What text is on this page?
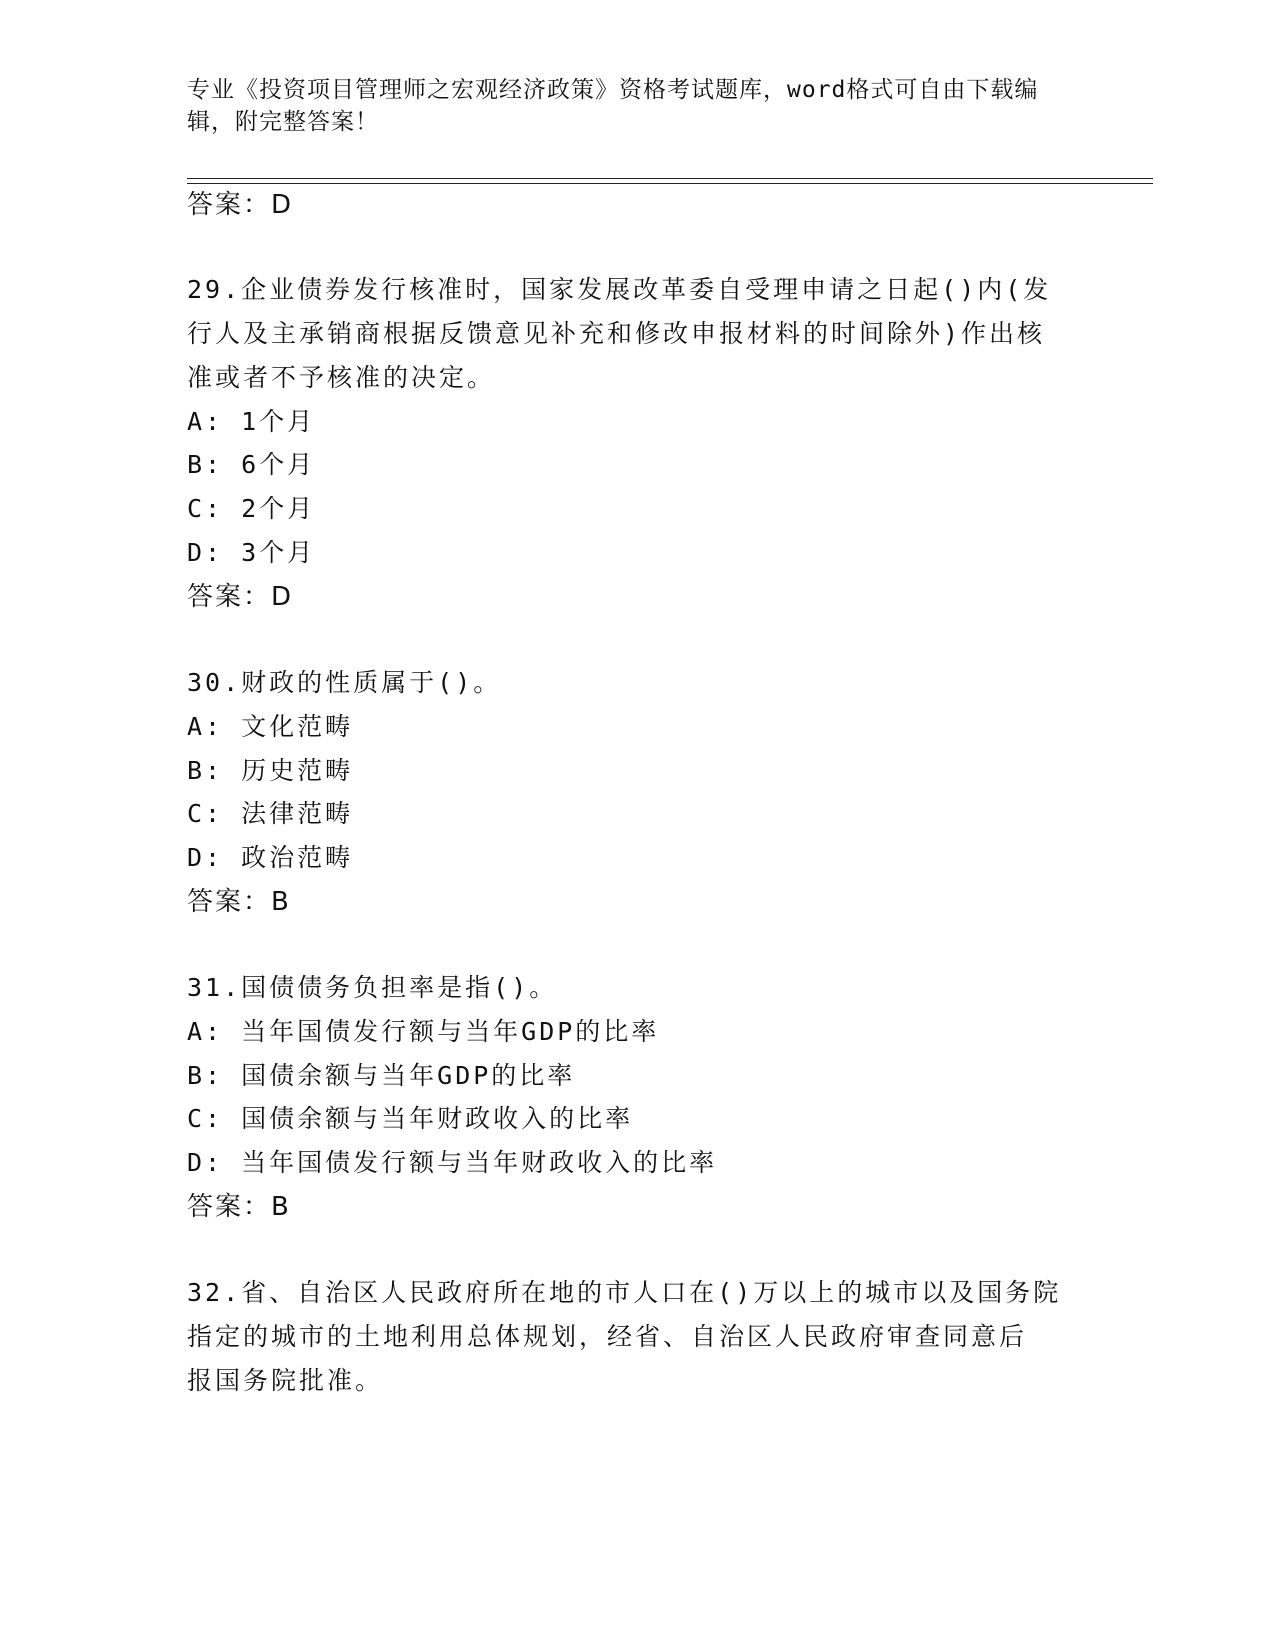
专业《投资项目管理师之宏观经济政策》资格考试题库，word格式可自由下载编
辑，附完整答案！
答案：D
29.企业债券发行核准时，国家发展改革委自受理申请之日起()内(发
行人及主承销商根据反馈意见补充和修改申报材料的时间除外)作出核
准或者不予核准的决定。
A: 1个月
B: 6个月
C: 2个月
D: 3个月
答案：D
30.财政的性质属于()。
A: 文化范畴
B: 历史范畴
C: 法律范畴
D: 政治范畴
答案：B
31.国债债务负担率是指()。
A: 当年国债发行额与当年GDP的比率
B: 国债余额与当年GDP的比率
C: 国债余额与当年财政收入的比率
D: 当年国债发行额与当年财政收入的比率
答案：B
32.省、自治区人民政府所在地的市人口在()万以上的城市以及国务院
指定的城市的土地利用总体规划，经省、自治区人民政府审查同意后
报国务院批准。
